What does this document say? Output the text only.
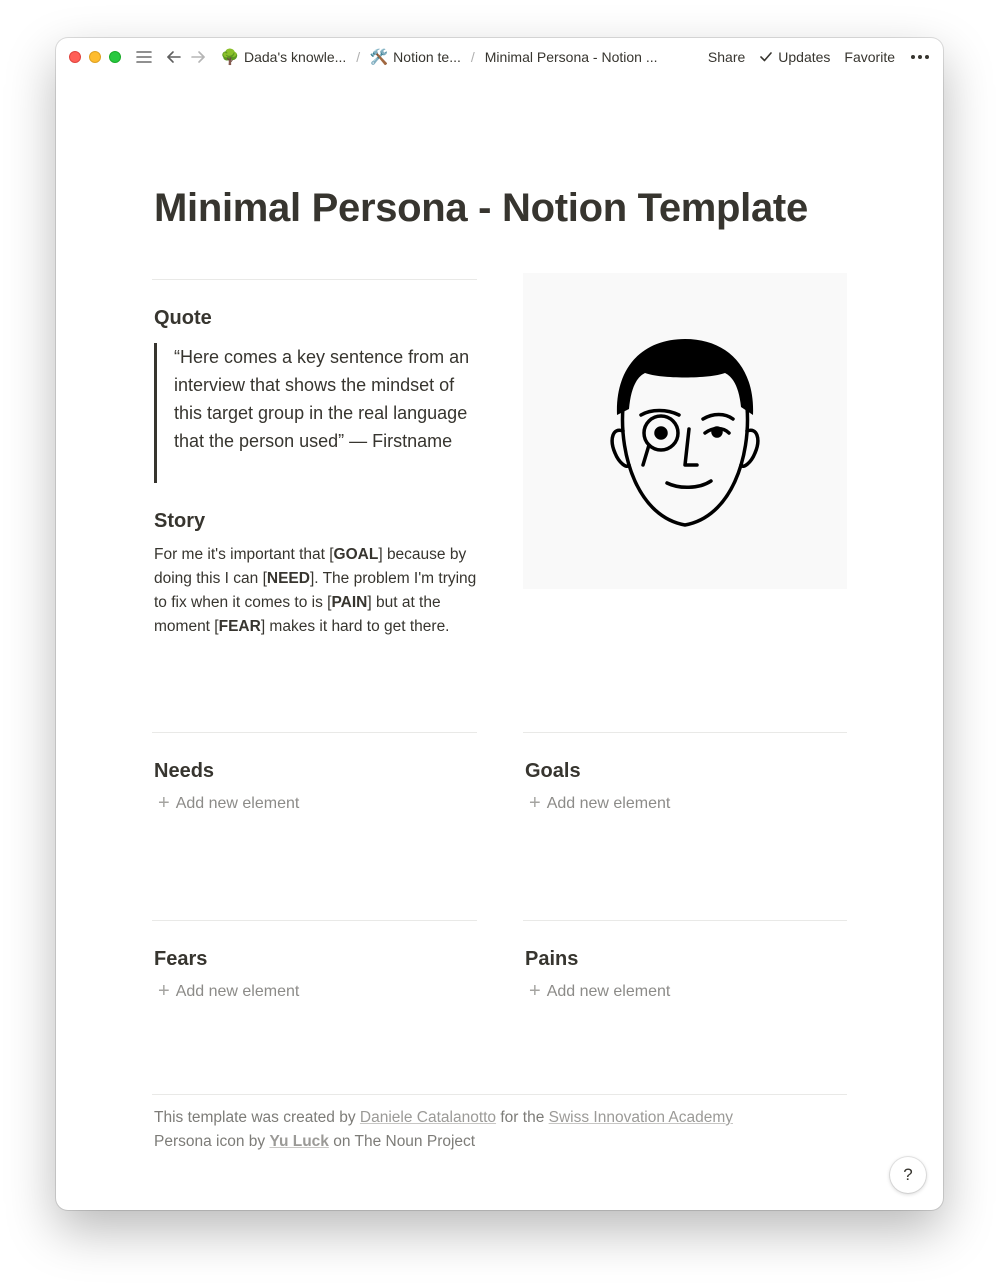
🌳 Dada's knowle... / 🛠️ Notion te... / Minimal Persona - Notion ...	Share Updates Favorite
Minimal Persona - Notion Template
Quote
“Here comes a key sentence from an interview that shows the mindset of this target group in the real language that the person used” — Firstname
Story
For me it's important that [GOAL] because by doing this I can [NEED]. The problem I'm trying to fix when it comes to is [PAIN] but at the moment [FEAR] makes it hard to get there.
Needs
+ Add new element
Goals
+ Add new element
Fears
+ Add new element
Pains
+ Add new element
This template was created by Daniele Catalanotto for the Swiss Innovation Academy
Persona icon by Yu Luck on The Noun Project
?
